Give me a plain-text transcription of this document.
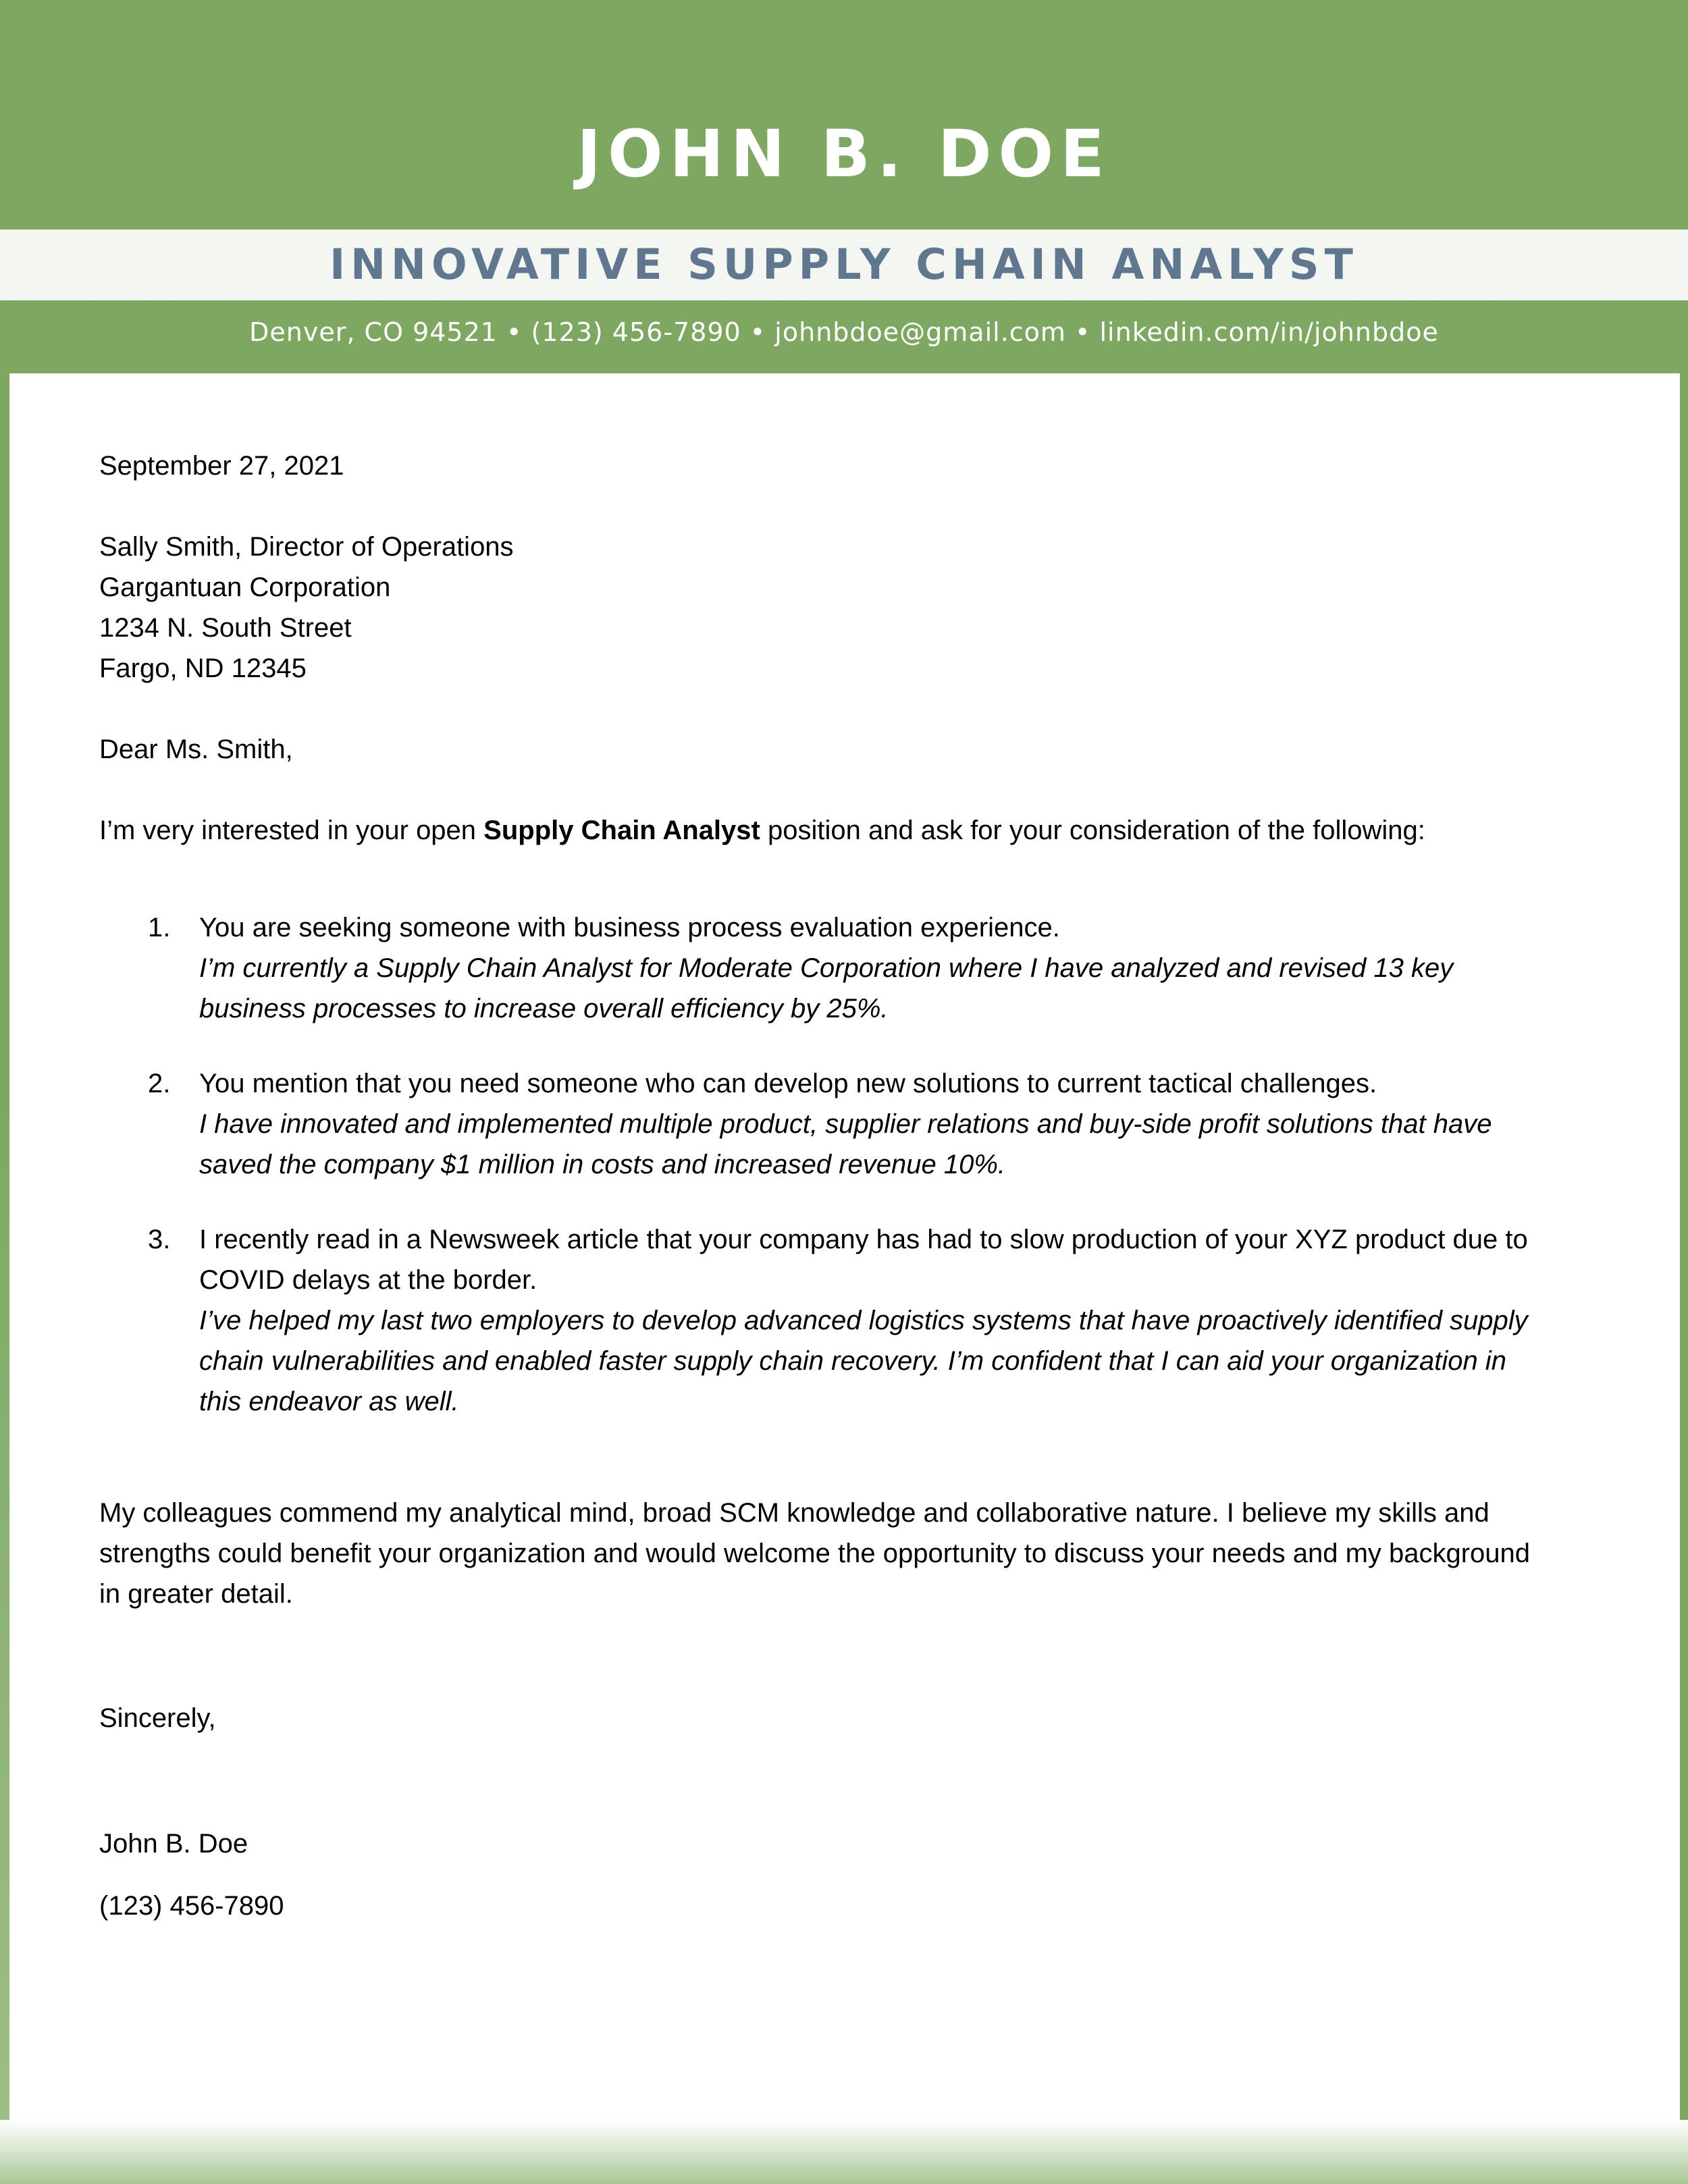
JOHN B. DOE
INNOVATIVE SUPPLY CHAIN ANALYST
Denver, CO 94521 • (123) 456-7890 • johnbdoe@gmail.com • linkedin.com/in/johnbdoe
September 27, 2021
Sally Smith, Director of Operations
Gargantuan Corporation
1234 N. South Street
Fargo, ND 12345
Dear Ms. Smith,
I’m very interested in your open Supply Chain Analyst position and ask for your consideration of the following:
1.	You are seeking someone with business process evaluation experience.
I’m currently a Supply Chain Analyst for Moderate Corporation where I have analyzed and revised 13 key
business processes to increase overall efficiency by 25%.
2.	You mention that you need someone who can develop new solutions to current tactical challenges.
I have innovated and implemented multiple product, supplier relations and buy-side profit solutions that have
saved the company $1 million in costs and increased revenue 10%.
3.	I recently read in a Newsweek article that your company has had to slow production of your XYZ product due to
COVID delays at the border.
I’ve helped my last two employers to develop advanced logistics systems that have proactively identified supply
chain vulnerabilities and enabled faster supply chain recovery. I’m confident that I can aid your organization in
this endeavor as well.
My colleagues commend my analytical mind, broad SCM knowledge and collaborative nature. I believe my skills and
strengths could benefit your organization and would welcome the opportunity to discuss your needs and my background
in greater detail.
Sincerely,
John B. Doe
(123) 456-7890
